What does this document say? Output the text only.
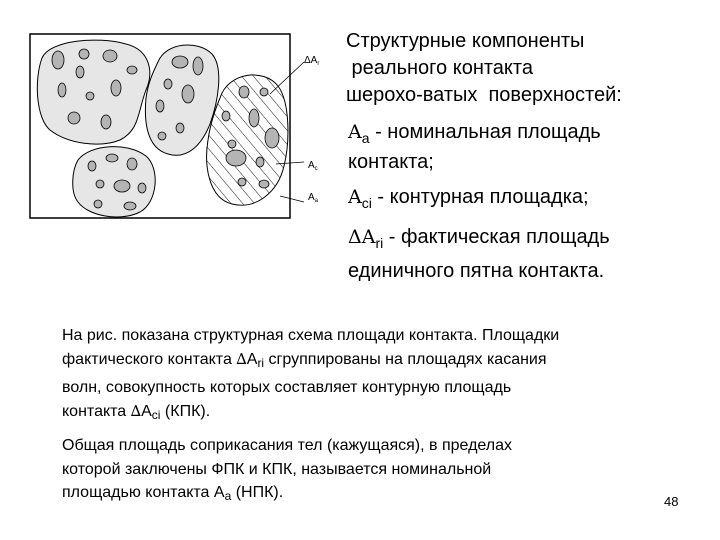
$\Delta A_r$
$A_c$
$A_a$
Структурные компоненты
реального контакта
шерохо-ватых  поверхностей:
$A_a$ - номинальная площадь
контакта;
$A_{ci}$ - контурная площадка;
$\Delta A_{ri}$ - фактическая площадь
единичного пятна контакта.
На рис. показана структурная схема площади контакта. Площадки
фактического контакта ∆Ari сгруппированы на площадях касания
волн, совокупность которых составляет контурную площадь
контакта ∆Aci (КПК).
Общая площадь соприкасания тел (кажущаяся), в пределах
которой заключены ФПК и КПК, называется номинальной
площадью контакта Aa (НПК).
48
